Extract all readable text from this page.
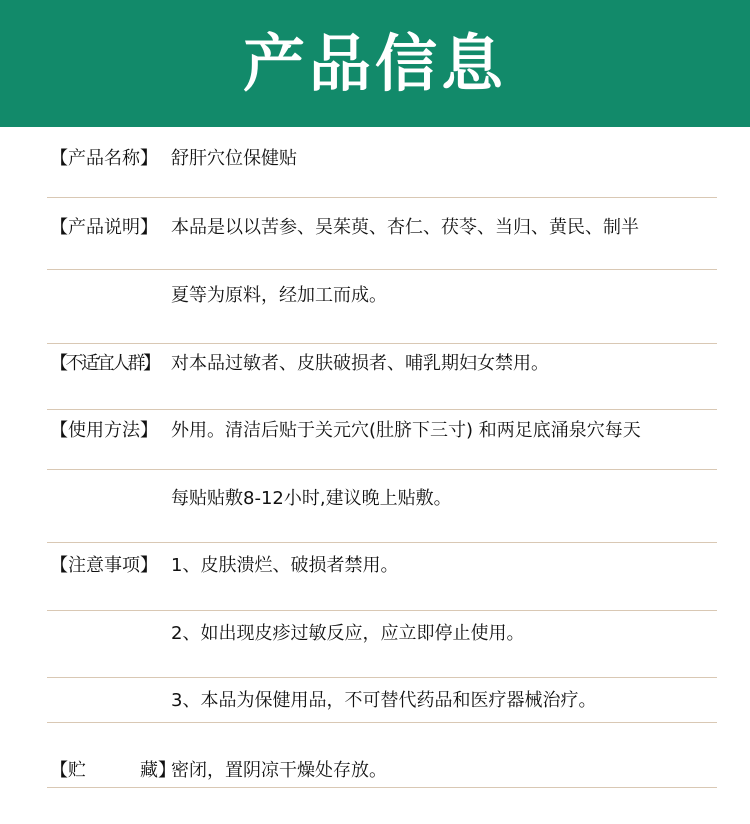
产品信息
【产品名称】 舒肝穴位保健贴
【产品说明】 本品是以以苦参、吴茱萸、杏仁、茯苓、当归、黄民、制半
夏等为原料，经加工而成。
【不适宜人群】 对本品过敏者、皮肤破损者、哺乳期妇女禁用。
【使用方法】 外用。清洁后贴于关元穴(肚脐下三寸) 和两足底涌泉穴每天
每贴贴敷8-12小时,建议晚上贴敷。
【注意事项】 1、皮肤溃烂、破损者禁用。
2、如出现皮疹过敏反应，应立即停止使用。
3、本品为保健用品，不可替代药品和医疗器械治疗。
【贮	藏】
密闭，置阴凉干燥处存放。
